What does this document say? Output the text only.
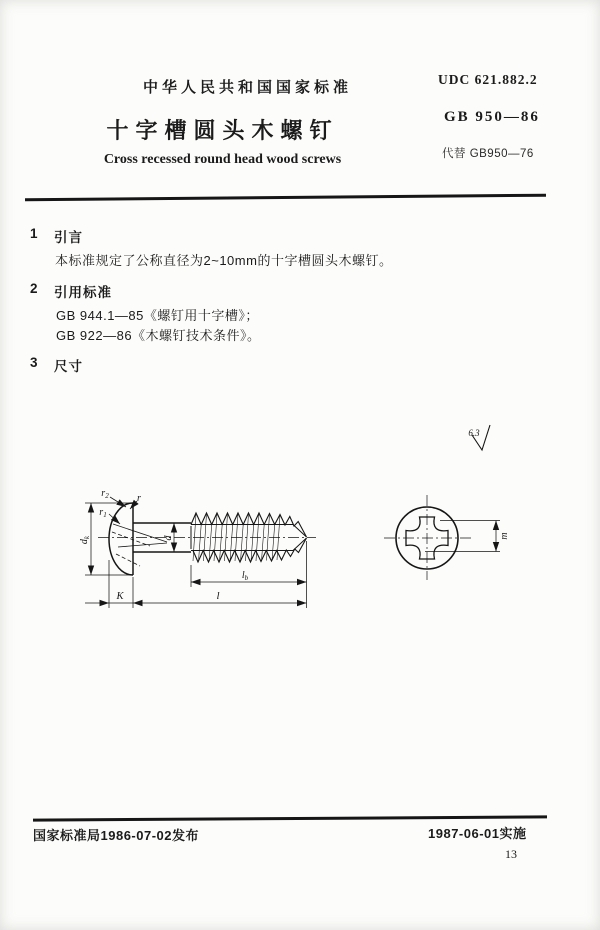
中华人民共和国国家标准
十字槽圆头木螺钉
Cross recessed round head wood screws
UDC 621.882.2
GB 950—86
代替 GB950—76
1 引言
本标准规定了公称直径为2~10mm的十字槽圆头木螺钉。
2 引用标准
GB 944.1—85《螺钉用十字槽》；
GB 922—86《木螺钉技术条件》。
3 尺寸
6.3
$r_2$	r
$r_1$
$d_k$	d
$l_b$
l
K
m
国家标准局1986-07-02发布	1987-06-01实施
13
